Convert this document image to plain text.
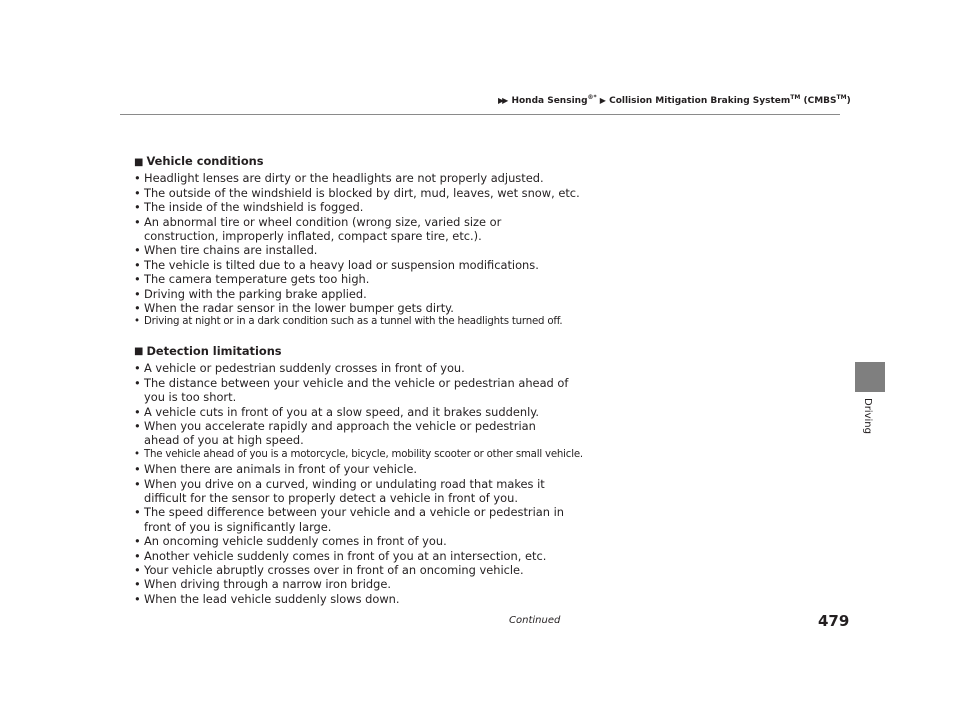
▶▶ Honda Sensing®* ▶ Collision Mitigation Braking System™ (CMBS™)
Driving
■ Vehicle conditions
• Headlight lenses are dirty or the headlights are not properly adjusted.
• The outside of the windshield is blocked by dirt, mud, leaves, wet snow, etc.
• The inside of the windshield is fogged.
• An abnormal tire or wheel condition (wrong size, varied size or construction, improperly inflated, compact spare tire, etc.).
• When tire chains are installed.
• The vehicle is tilted due to a heavy load or suspension modifications.
• The camera temperature gets too high.
• Driving with the parking brake applied.
• When the radar sensor in the lower bumper gets dirty.
• Driving at night or in a dark condition such as a tunnel with the headlights turned off.
■ Detection limitations
• A vehicle or pedestrian suddenly crosses in front of you.
• The distance between your vehicle and the vehicle or pedestrian ahead of you is too short.
• A vehicle cuts in front of you at a slow speed, and it brakes suddenly.
• When you accelerate rapidly and approach the vehicle or pedestrian ahead of you at high speed.
• The vehicle ahead of you is a motorcycle, bicycle, mobility scooter or other small vehicle.
• When there are animals in front of your vehicle.
• When you drive on a curved, winding or undulating road that makes it difficult for the sensor to properly detect a vehicle in front of you.
• The speed difference between your vehicle and a vehicle or pedestrian in front of you is significantly large.
• An oncoming vehicle suddenly comes in front of you.
• Another vehicle suddenly comes in front of you at an intersection, etc.
• Your vehicle abruptly crosses over in front of an oncoming vehicle.
• When driving through a narrow iron bridge.
• When the lead vehicle suddenly slows down.
Continued	479
